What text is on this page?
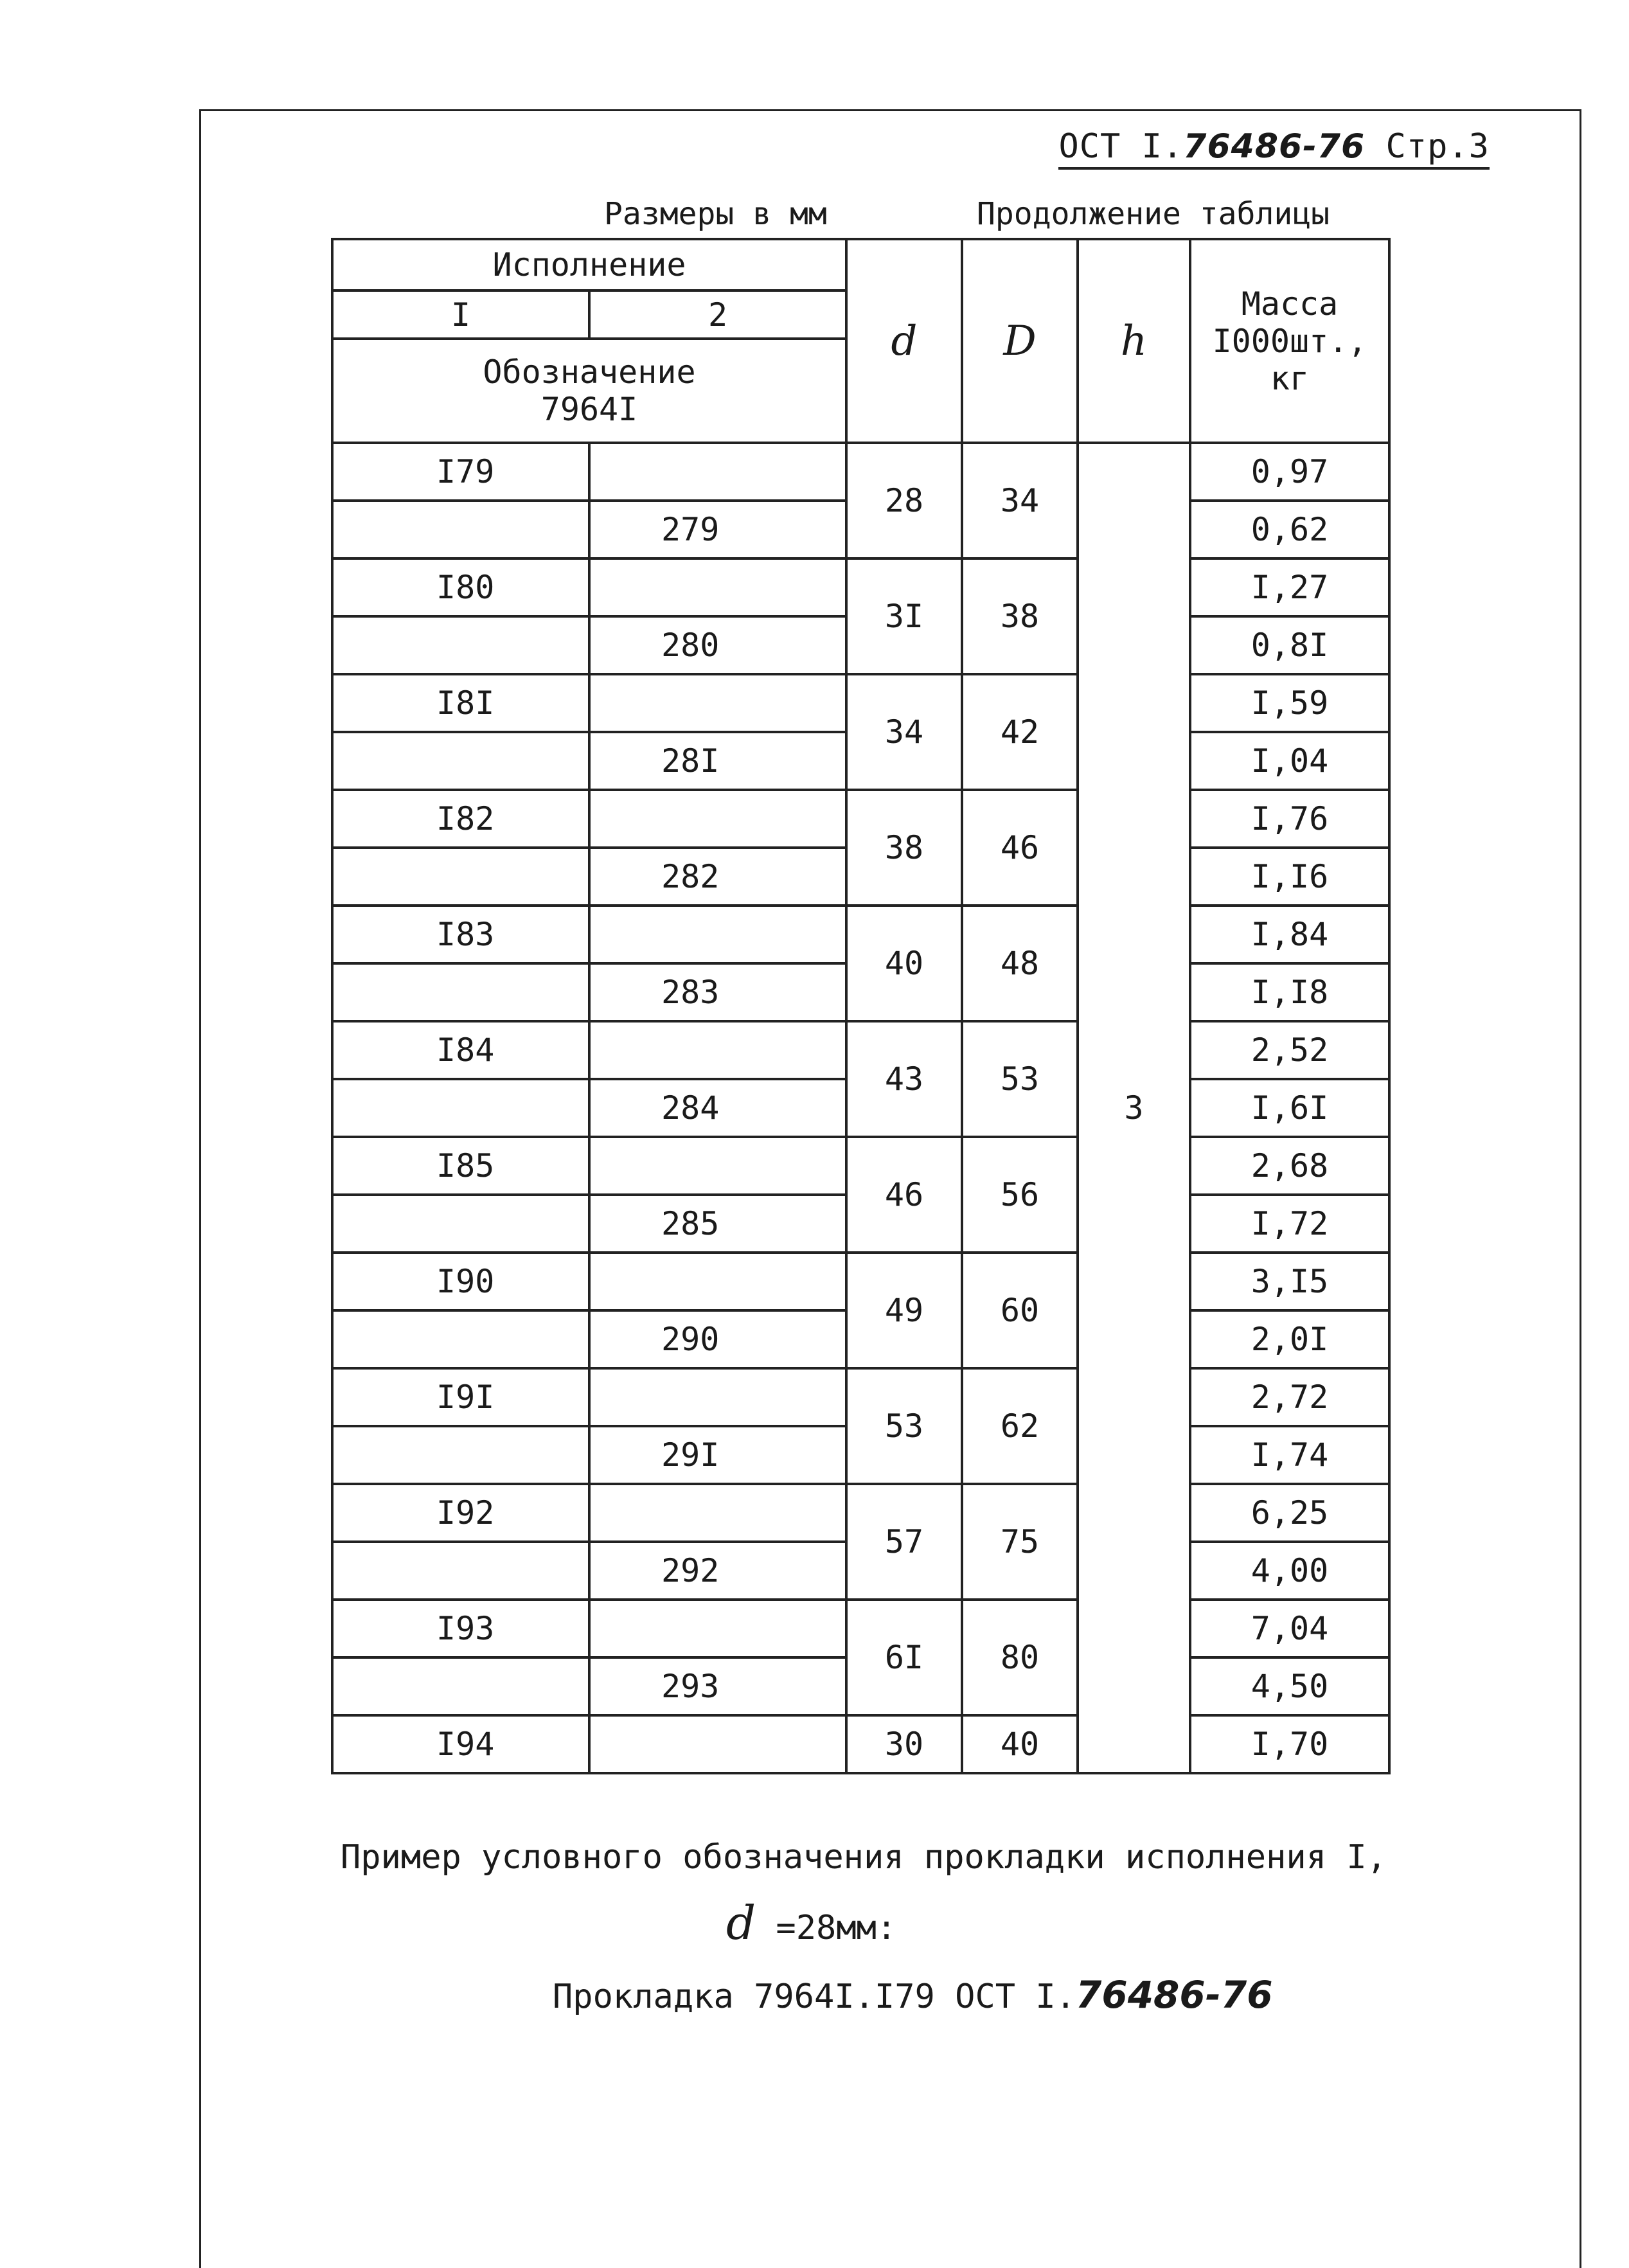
ОСТ I.76486-76 Стр.3
Размеры в мм	Продолжение таблицы
Исполнение		d	D	h	Масса
I000шт.,
кг

I	2				

Обозначение
7964I					

I79		28	34	3	0,97
	279				0,62
I80		3I	38		I,27
	280				0,8I
I8I		34	42		I,59
	28I				I,04
I82		38	46		I,76
	282				I,I6
I83		40	48		I,84
	283				I,I8
I84		43	53		2,52
	284				I,6I
I85		46	56		2,68
	285				I,72
I90		49	60		3,I5
	290				2,0I
I9I		53	62		2,72
	29I				I,74
I92		57	75		6,25
	292				4,00
I93		6I	80		7,04
	293				4,50
I94		30	40		I,70
Пример условного обозначения прокладки исполнения I,
d =28мм:
Прокладка 7964I.I79 ОСТ I.76486-76
